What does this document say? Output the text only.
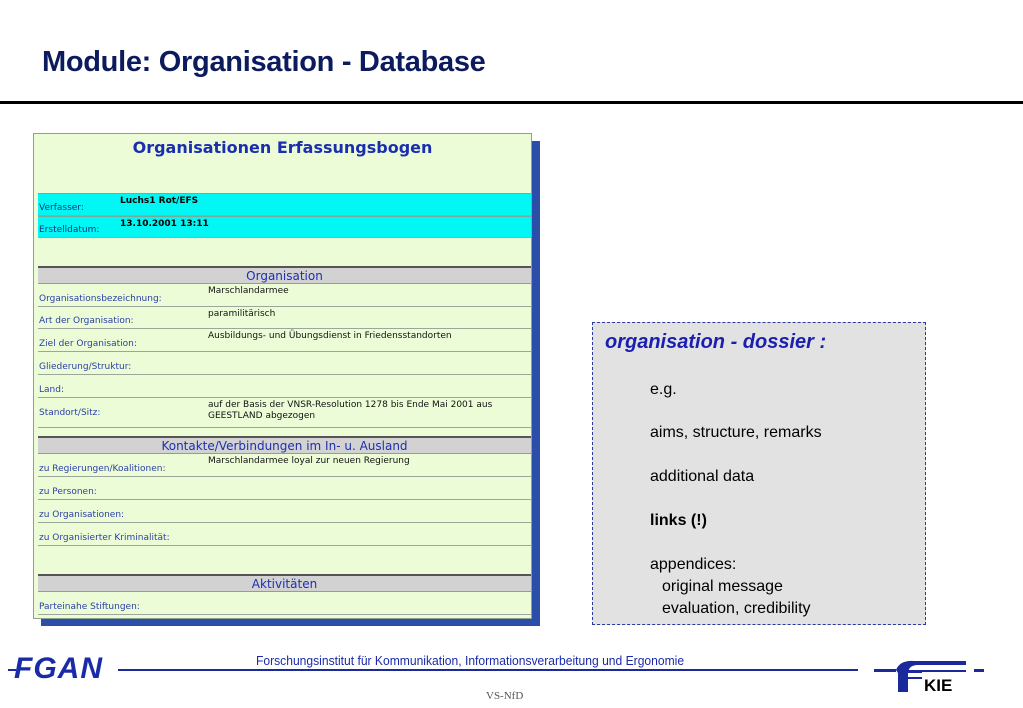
Module: Organisation - Database
Organisationen Erfassungsbogen
Verfasser:
Luchs1 Rot/EFS
Erstelldatum:
13.10.2001 13:11
Organisation
Organisationsbezeichnung:
Marschlandarmee
Art der Organisation:
paramilitärisch
Ziel der Organisation:
Ausbildungs- und Übungsdienst in Friedensstandorten
Gliederung/Struktur:
Land:
Standort/Sitz:
auf der Basis der VNSR-Resolution 1278 bis Ende Mai 2001 aus GEESTLAND abgezogen
Kontakte/Verbindungen im In- u. Ausland
zu Regierungen/Koalitionen:
Marschlandarmee loyal zur neuen Regierung
zu Personen:
zu Organisationen:
zu Organisierter Kriminalität:
Aktivitäten
Parteinahe Stiftungen:
organisation - dossier :
e.g.
aims, structure, remarks
additional data
links (!)
appendices:
original message
evaluation, credibility
FGAN	Forschungsinstitut für Kommunikation, Informationsverarbeitung und Ergonomie
VS-NfD
KIE
